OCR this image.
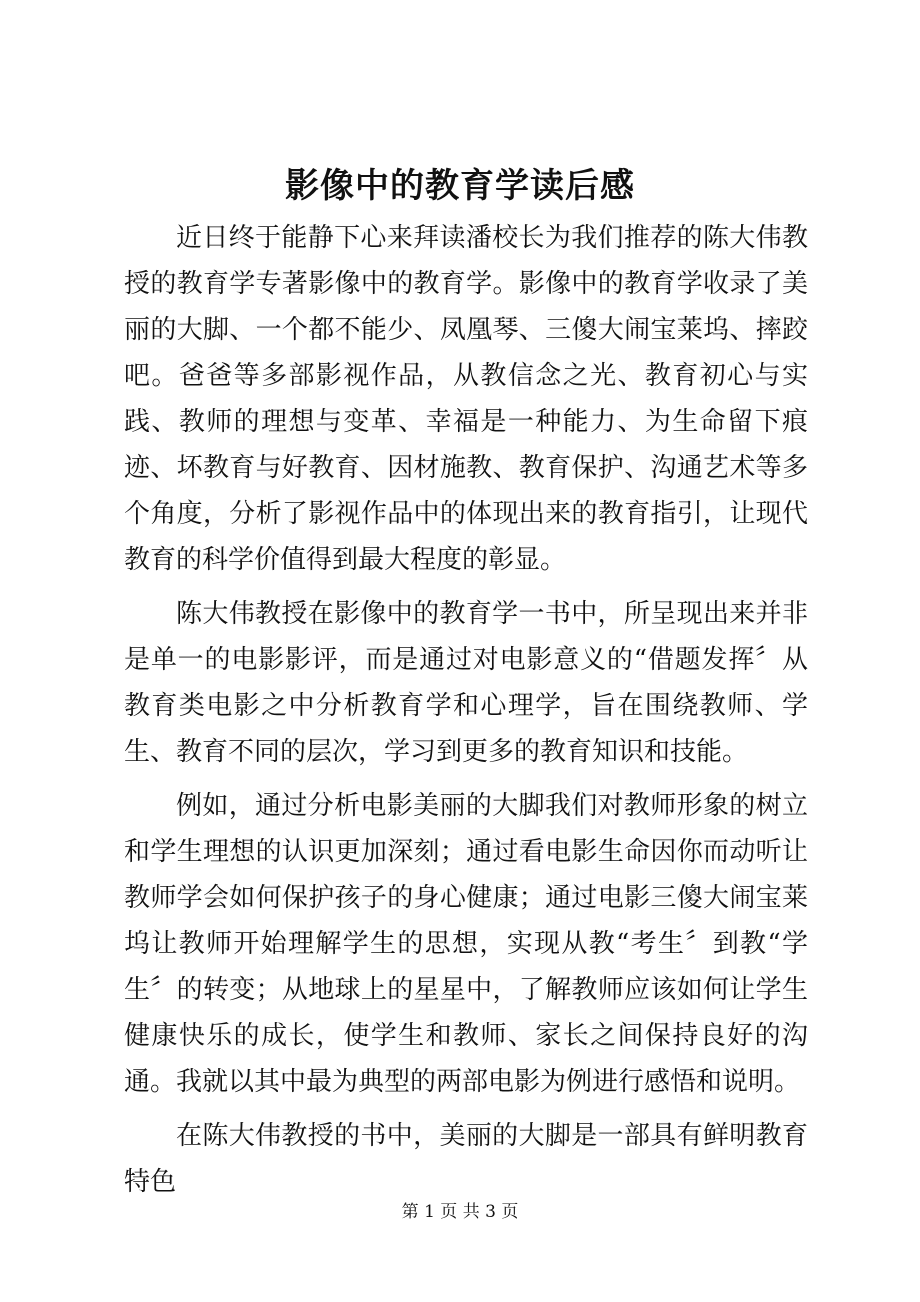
影像中的教育学读后感

近日终于能静下心来拜读潘校长为我们推荐的陈大伟教授的教育学专著影像中的教育学。影像中的教育学收录了美丽的大脚、一个都不能少、凤凰琴、三傻大闹宝莱坞、摔跤吧。爸爸等多部影视作品，从教信念之光、教育初心与实践、教师的理想与变革、幸福是一种能力、为生命留下痕迹、坏教育与好教育、因材施教、教育保护、沟通艺术等多个角度，分析了影视作品中的体现出来的教育指引，让现代教育的科学价值得到最大程度的彰显。

陈大伟教授在影像中的教育学一书中，所呈现出来并非是单一的电影影评，而是通过对电影意义的“借题发挥〞从教育类电影之中分析教育学和心理学，旨在围绕教师、学生、教育不同的层次，学习到更多的教育知识和技能。

例如，通过分析电影美丽的大脚我们对教师形象的树立和学生理想的认识更加深刻；通过看电影生命因你而动听让教师学会如何保护孩子的身心健康；通过电影三傻大闹宝莱坞让教师开始理解学生的思想，实现从教“考生〞到教“学生〞的转变；从地球上的星星中，了解教师应该如何让学生健康快乐的成长，使学生和教师、家长之间保持良好的沟通。我就以其中最为典型的两部电影为例进行感悟和说明。

在陈大伟教授的书中，美丽的大脚是一部具有鲜明教育特色

第 1 页 共 3 页
